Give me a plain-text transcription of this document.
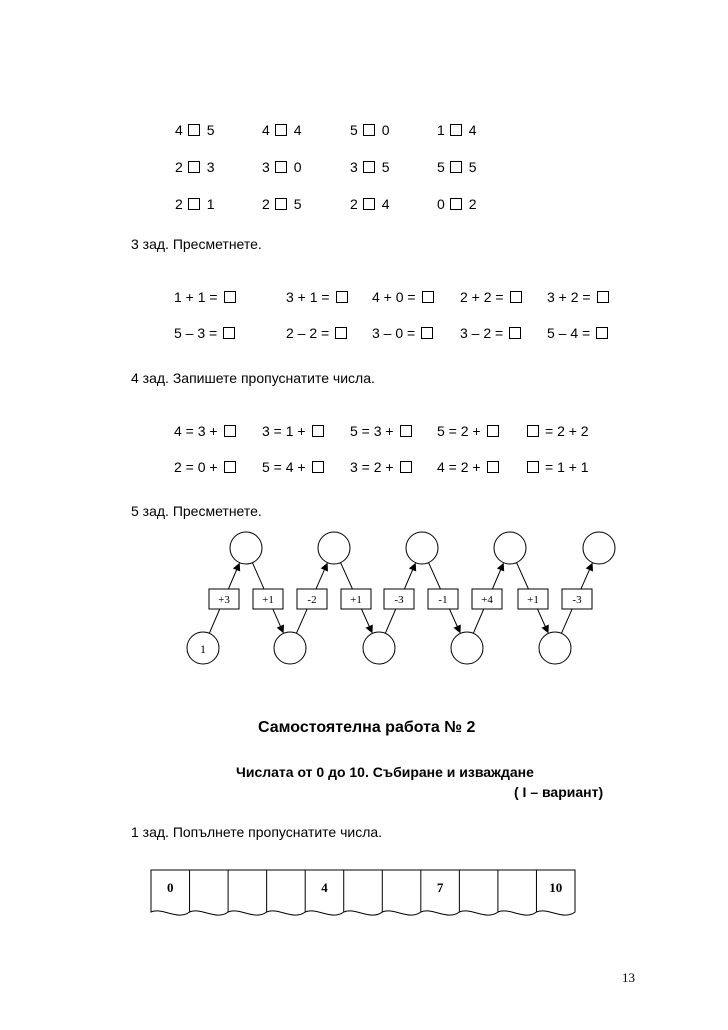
4 5	4 4	5 0	1 4
2 3	3 0	3 5	5 5
2 1	2 5	2 4	0 2
3 зад. Пресметнете.
1 + 1 =	3 + 1 =	4 + 0 =	2 + 2 =	3 + 2 =
5 – 3 =	2 – 2 =	3 – 0 =	3 – 2 =	5 – 4 =
4 зад. Запишете пропуснатите числа.
4 = 3 +	3 = 1 +	5 = 3 +	5 = 2 +	= 2 + 2
2 = 0 +	5 = 4 +	3 = 2 +	4 = 2 +	= 1 + 1
5 зад. Пресметнете.
1
+3	+1	-2	+1	-3	-1	+4	+1	-3
Самостоятелна работа № 2
Числата от 0 до 10. Събиране и изваждане
( I – вариант)
1 зад. Попълнете пропуснатите числа.
0	4	7	10
13
